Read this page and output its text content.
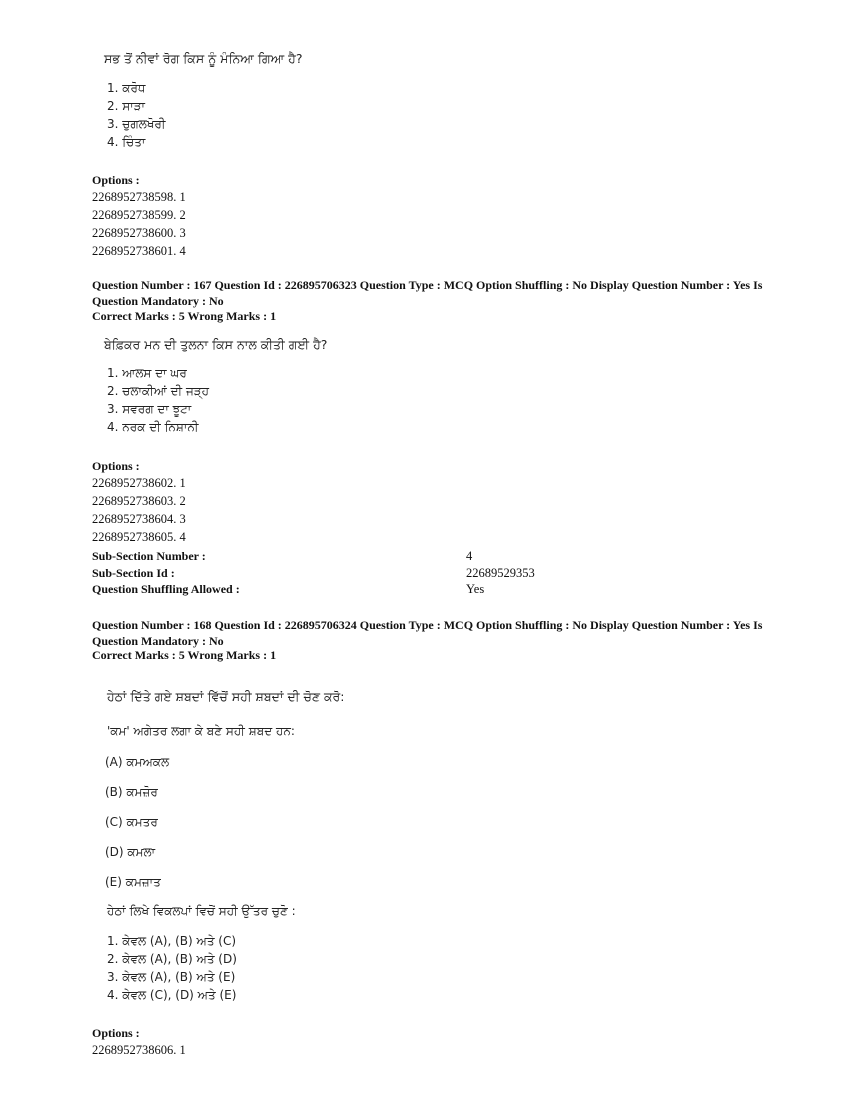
ਸਭ ਤੋਂ ਨੀਵਾਂ ਰੋਗ ਕਿਸ ਨੂੰ ਮੰਨਿਆ ਗਿਆ ਹੈ?
1. ਕਰੋਧ
2. ਸਾੜਾ
3. ਚੁਗਲਖੋਰੀ
4. ਚਿੰਤਾ
Options :
2268952738598. 1
2268952738599. 2
2268952738600. 3
2268952738601. 4
Question Number : 167 Question Id : 226895706323 Question Type : MCQ Option Shuffling : No Display Question Number : Yes Is Question Mandatory : No
Correct Marks : 5 Wrong Marks : 1
ਬੇਫ਼ਿਕਰ ਮਨ ਦੀ ਤੁਲਨਾ ਕਿਸ ਨਾਲ ਕੀਤੀ ਗਈ ਹੈ?
1. ਆਲਸ ਦਾ ਘਰ
2. ਚਲਾਕੀਆਂ ਦੀ ਜੜ੍ਹ
3. ਸਵਰਗ ਦਾ ਝੂਟਾ
4. ਨਰਕ ਦੀ ਨਿਸ਼ਾਨੀ
Options :
2268952738602. 1
2268952738603. 2
2268952738604. 3
2268952738605. 4
Sub-Section Number :	4
Sub-Section Id :	22689529353
Question Shuffling Allowed :	Yes
Question Number : 168 Question Id : 226895706324 Question Type : MCQ Option Shuffling : No Display Question Number : Yes Is Question Mandatory : No
Correct Marks : 5 Wrong Marks : 1
ਹੇਠਾਂ ਦਿੱਤੇ ਗਏ ਸ਼ਬਦਾਂ ਵਿੱਚੋਂ ਸਹੀ ਸ਼ਬਦਾਂ ਦੀ ਚੋਣ ਕਰੋ:
'ਕਮ' ਅਗੇਤਰ ਲਗਾ ਕੇ ਬਣੇ ਸਹੀ ਸ਼ਬਦ ਹਨ:
(A) ਕਮਅਕਲ
(B) ਕਮਜ਼ੋਰ
(C) ਕਮਤਰ
(D) ਕਮਲਾ
(E) ਕਮਜ਼ਾਤ
ਹੇਠਾਂ ਲਿਖੇ ਵਿਕਲਪਾਂ ਵਿਚੋਂ ਸਹੀ ਉੱਤਰ ਚੁਣੋ :
1. ਕੇਵਲ (A), (B) ਅਤੇ (C)
2. ਕੇਵਲ (A), (B) ਅਤੇ (D)
3. ਕੇਵਲ (A), (B) ਅਤੇ (E)
4. ਕੇਵਲ (C), (D) ਅਤੇ (E)
Options :
2268952738606. 1
